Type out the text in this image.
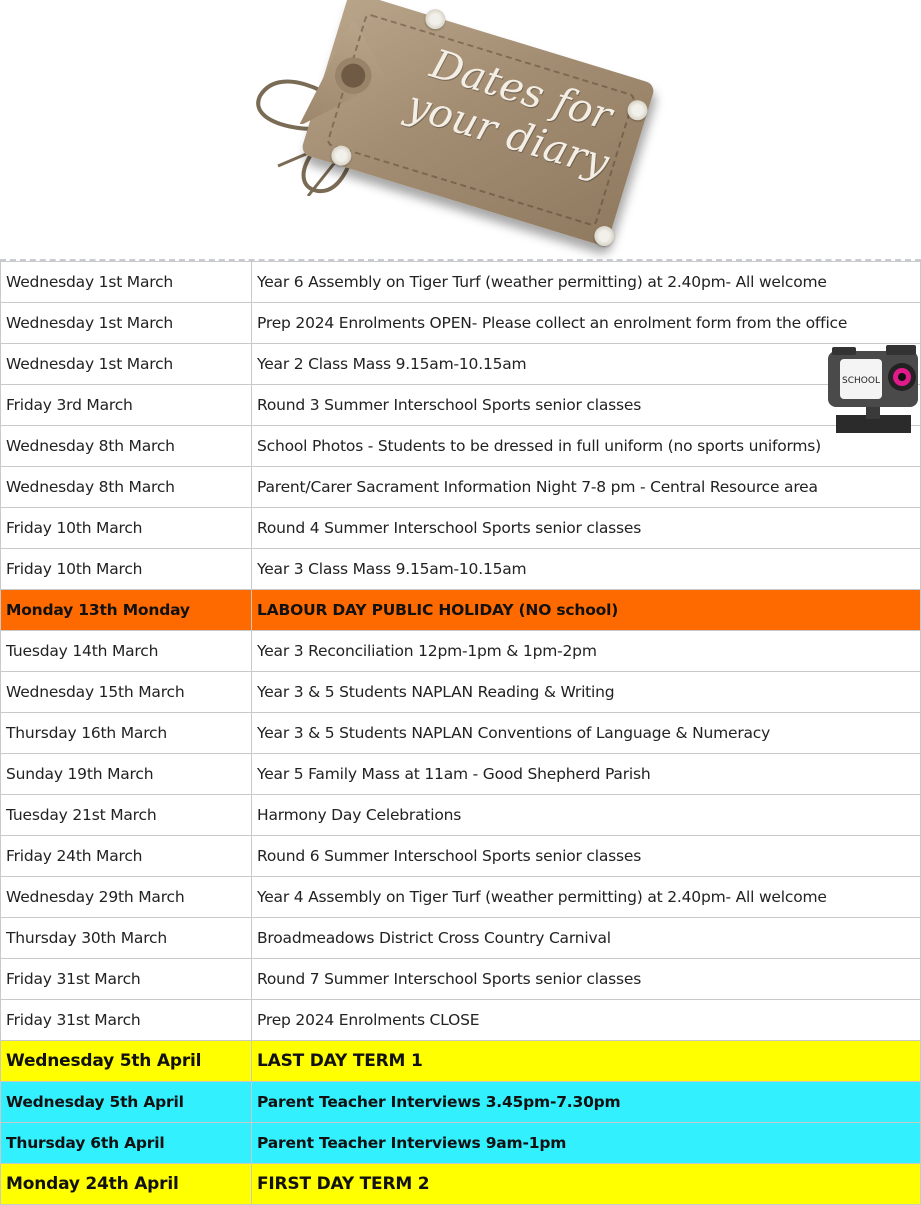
Dates for your diary
Wednesday 1st March	Year 6 Assembly on Tiger Turf (weather permitting) at 2.40pm- All welcome
Wednesday 1st March	Prep 2024 Enrolments OPEN- Please collect an enrolment form from the office
Wednesday 1st March	Year 2 Class Mass 9.15am-10.15am
Friday 3rd March	Round 3 Summer Interschool Sports senior classes
Wednesday 8th March	School Photos - Students to be dressed in full uniform (no sports uniforms)
Wednesday 8th March	Parent/Carer Sacrament Information Night 7-8 pm - Central Resource area
Friday 10th March	Round 4 Summer Interschool Sports senior classes
Friday 10th March	Year 3 Class Mass 9.15am-10.15am
Monday 13th Monday	LABOUR DAY PUBLIC HOLIDAY (NO school)
Tuesday 14th March	Year 3 Reconciliation 12pm-1pm & 1pm-2pm
Wednesday 15th March	Year 3 & 5 Students NAPLAN Reading & Writing
Thursday 16th March	Year 3 & 5 Students NAPLAN Conventions of Language & Numeracy
Sunday 19th March	Year 5 Family Mass at 11am - Good Shepherd Parish
Tuesday 21st March	Harmony Day Celebrations
Friday 24th March	Round 6 Summer Interschool Sports senior classes
Wednesday 29th March	Year 4 Assembly on Tiger Turf (weather permitting) at 2.40pm- All welcome
Thursday 30th March	Broadmeadows District Cross Country Carnival
Friday 31st March	Round 7 Summer Interschool Sports senior classes
Friday 31st March	Prep 2024 Enrolments CLOSE
Wednesday 5th April	LAST DAY TERM 1
Wednesday 5th April	Parent Teacher Interviews 3.45pm-7.30pm
Thursday 6th April	Parent Teacher Interviews 9am-1pm
Monday 24th April	FIRST DAY TERM 2
SCHOOL
